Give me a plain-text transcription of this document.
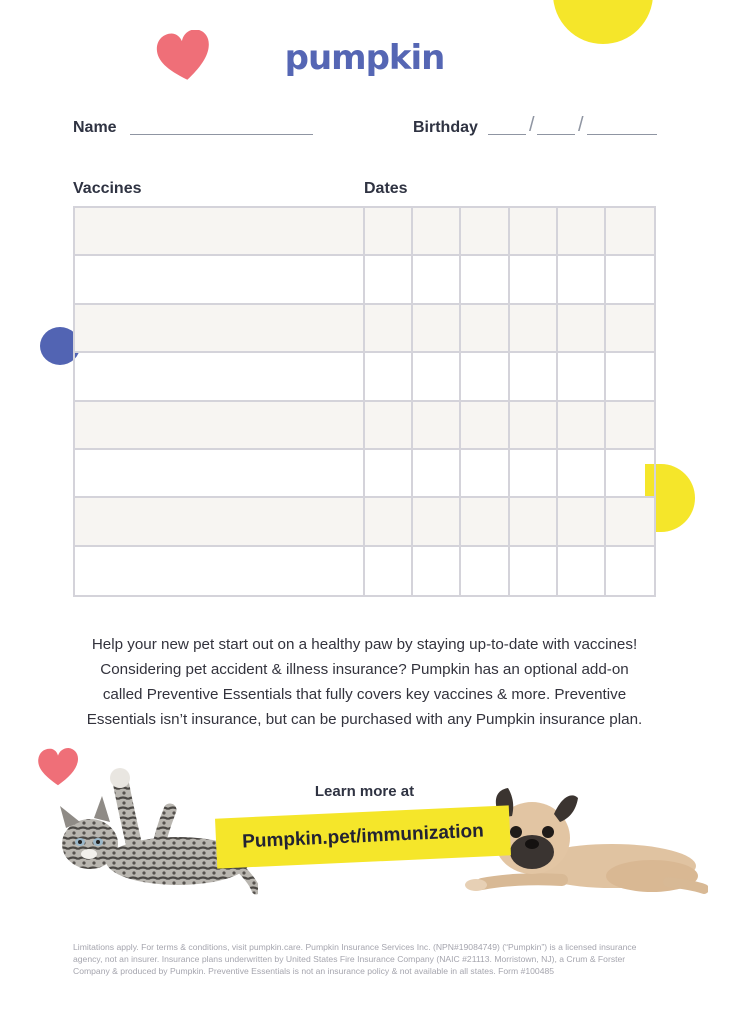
pumpkin
Name	Birthday	/ /
Vaccines	Dates
Help your new pet start out on a healthy paw by staying up-to-date with vaccines!
Considering pet accident & illness insurance? Pumpkin has an optional add-on
called Preventive Essentials that fully covers key vaccines & more. Preventive
Essentials isn’t insurance, but can be purchased with any Pumpkin insurance plan.
Learn more at
Pumpkin.pet/immunization
Limitations apply. For terms & conditions, visit pumpkin.care. Pumpkin Insurance Services Inc. (NPN#19084749) (“Pumpkin”) is a licensed insurance agency, not an insurer. Insurance plans underwritten by United States Fire Insurance Company (NAIC #21113. Morristown, NJ), a Crum & Forster Company & produced by Pumpkin. Preventive Essentials is not an insurance policy & not available in all states. Form #100485
